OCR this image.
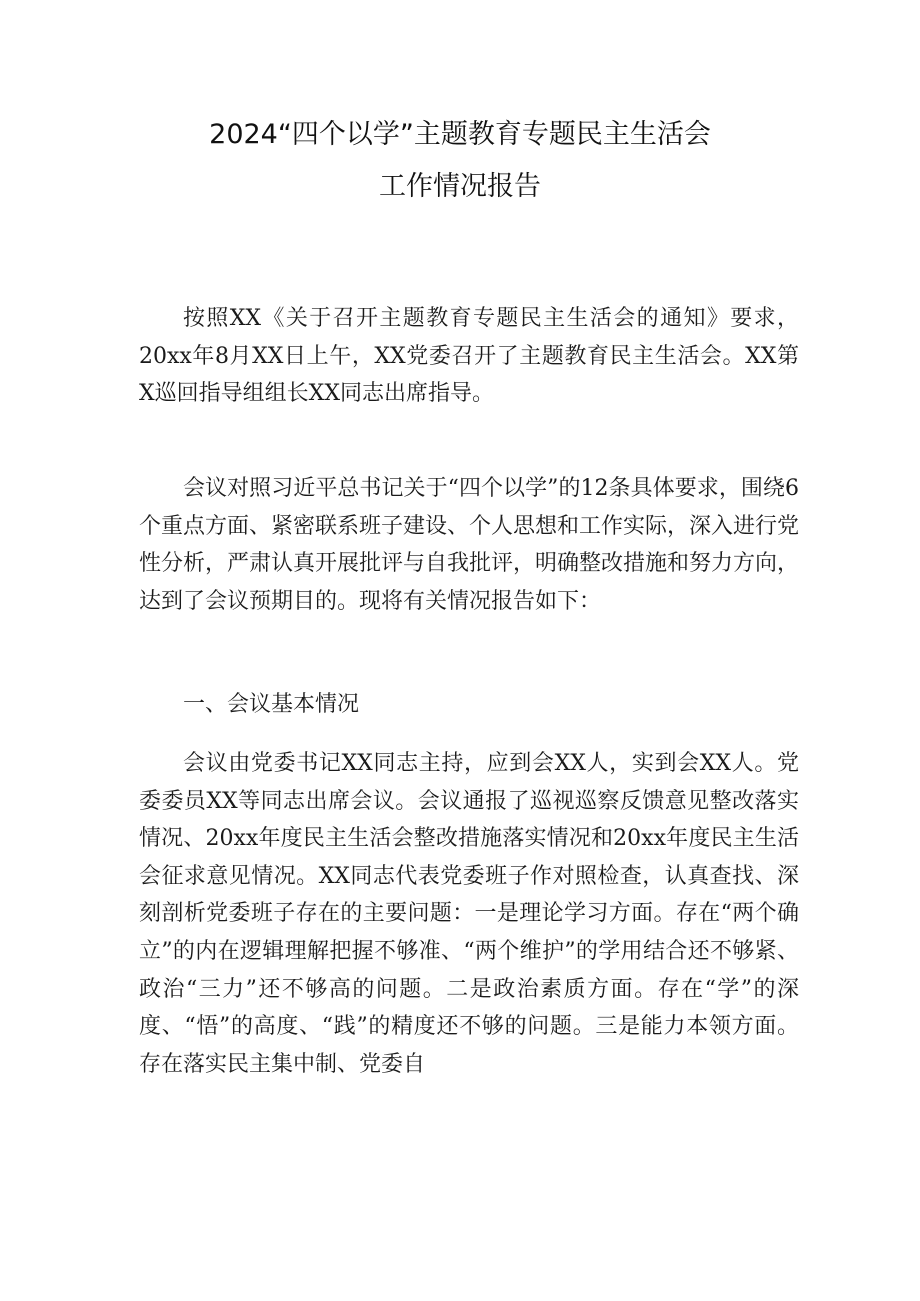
2024“四个以学”主题教育专题民主生活会
工作情况报告

按照XX《关于召开主题教育专题民主生活会的通知》要求，20xx年8月XX日上午，XX党委召开了主题教育民主生活会。XX第X巡回指导组组长XX同志出席指导。

会议对照习近平总书记关于“四个以学”的12条具体要求，围绕6个重点方面、紧密联系班子建设、个人思想和工作实际，深入进行党性分析，严肃认真开展批评与自我批评，明确整改措施和努力方向，达到了会议预期目的。现将有关情况报告如下：

一、会议基本情况

会议由党委书记XX同志主持，应到会XX人，实到会XX人。党委委员XX等同志出席会议。会议通报了巡视巡察反馈意见整改落实情况、20xx年度民主生活会整改措施落实情况和20xx年度民主生活会征求意见情况。XX同志代表党委班子作对照检查，认真查找、深刻剖析党委班子存在的主要问题：一是理论学习方面。存在“两个确立”的内在逻辑理解把握不够准、“两个维护”的学用结合还不够紧、政治“三力”还不够高的问题。二是政治素质方面。存在“学”的深度、“悟”的高度、“践”的精度还不够的问题。三是能力本领方面。存在落实民主集中制、党委自
